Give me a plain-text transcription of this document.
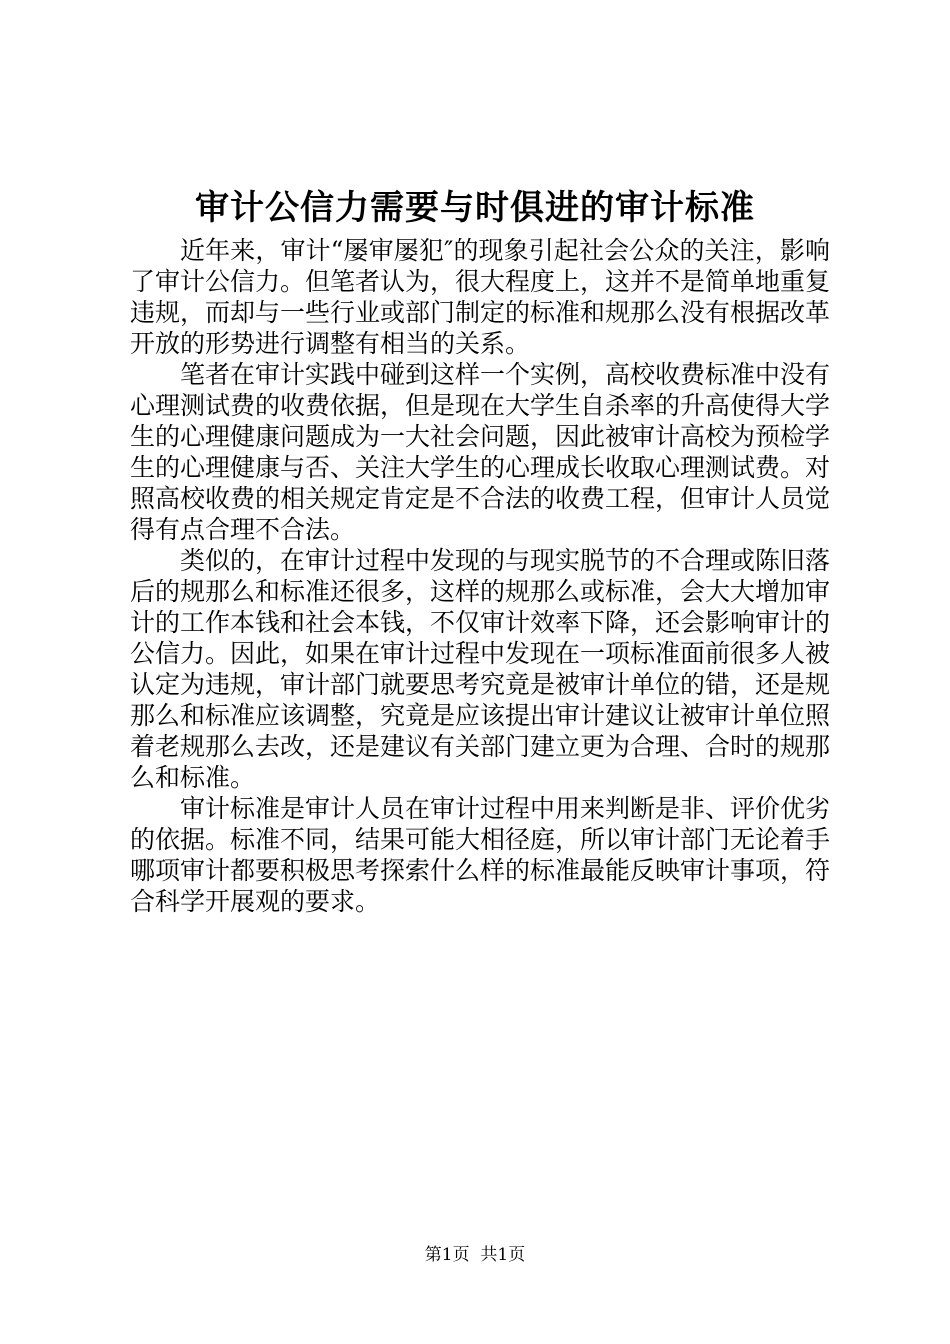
审计公信力需要与时俱进的审计标准

近年来，审计“屡审屡犯″的现象引起社会公众的关注，影响了审计公信力。但笔者认为，很大程度上，这并不是简单地重复违规，而却与一些行业或部门制定的标准和规那么没有根据改革开放的形势进行调整有相当的关系。

笔者在审计实践中碰到这样一个实例，高校收费标准中没有心理测试费的收费依据，但是现在大学生自杀率的升高使得大学生的心理健康问题成为一大社会问题，因此被审计高校为预检学生的心理健康与否、关注大学生的心理成长收取心理测试费。对照高校收费的相关规定肯定是不合法的收费工程，但审计人员觉得有点合理不合法。

类似的，在审计过程中发现的与现实脱节的不合理或陈旧落后的规那么和标准还很多，这样的规那么或标准，会大大增加审计的工作本钱和社会本钱，不仅审计效率下降，还会影响审计的公信力。因此，如果在审计过程中发现在一项标准面前很多人被认定为违规，审计部门就要思考究竟是被审计单位的错，还是规那么和标准应该调整，究竟是应该提出审计建议让被审计单位照着老规那么去改，还是建议有关部门建立更为合理、合时的规那么和标准。

审计标准是审计人员在审计过程中用来判断是非、评价优劣的依据。标准不同，结果可能大相径庭，所以审计部门无论着手哪项审计都要积极思考探索什么样的标准最能反映审计事项，符合科学开展观的要求。

第1页 共1页
